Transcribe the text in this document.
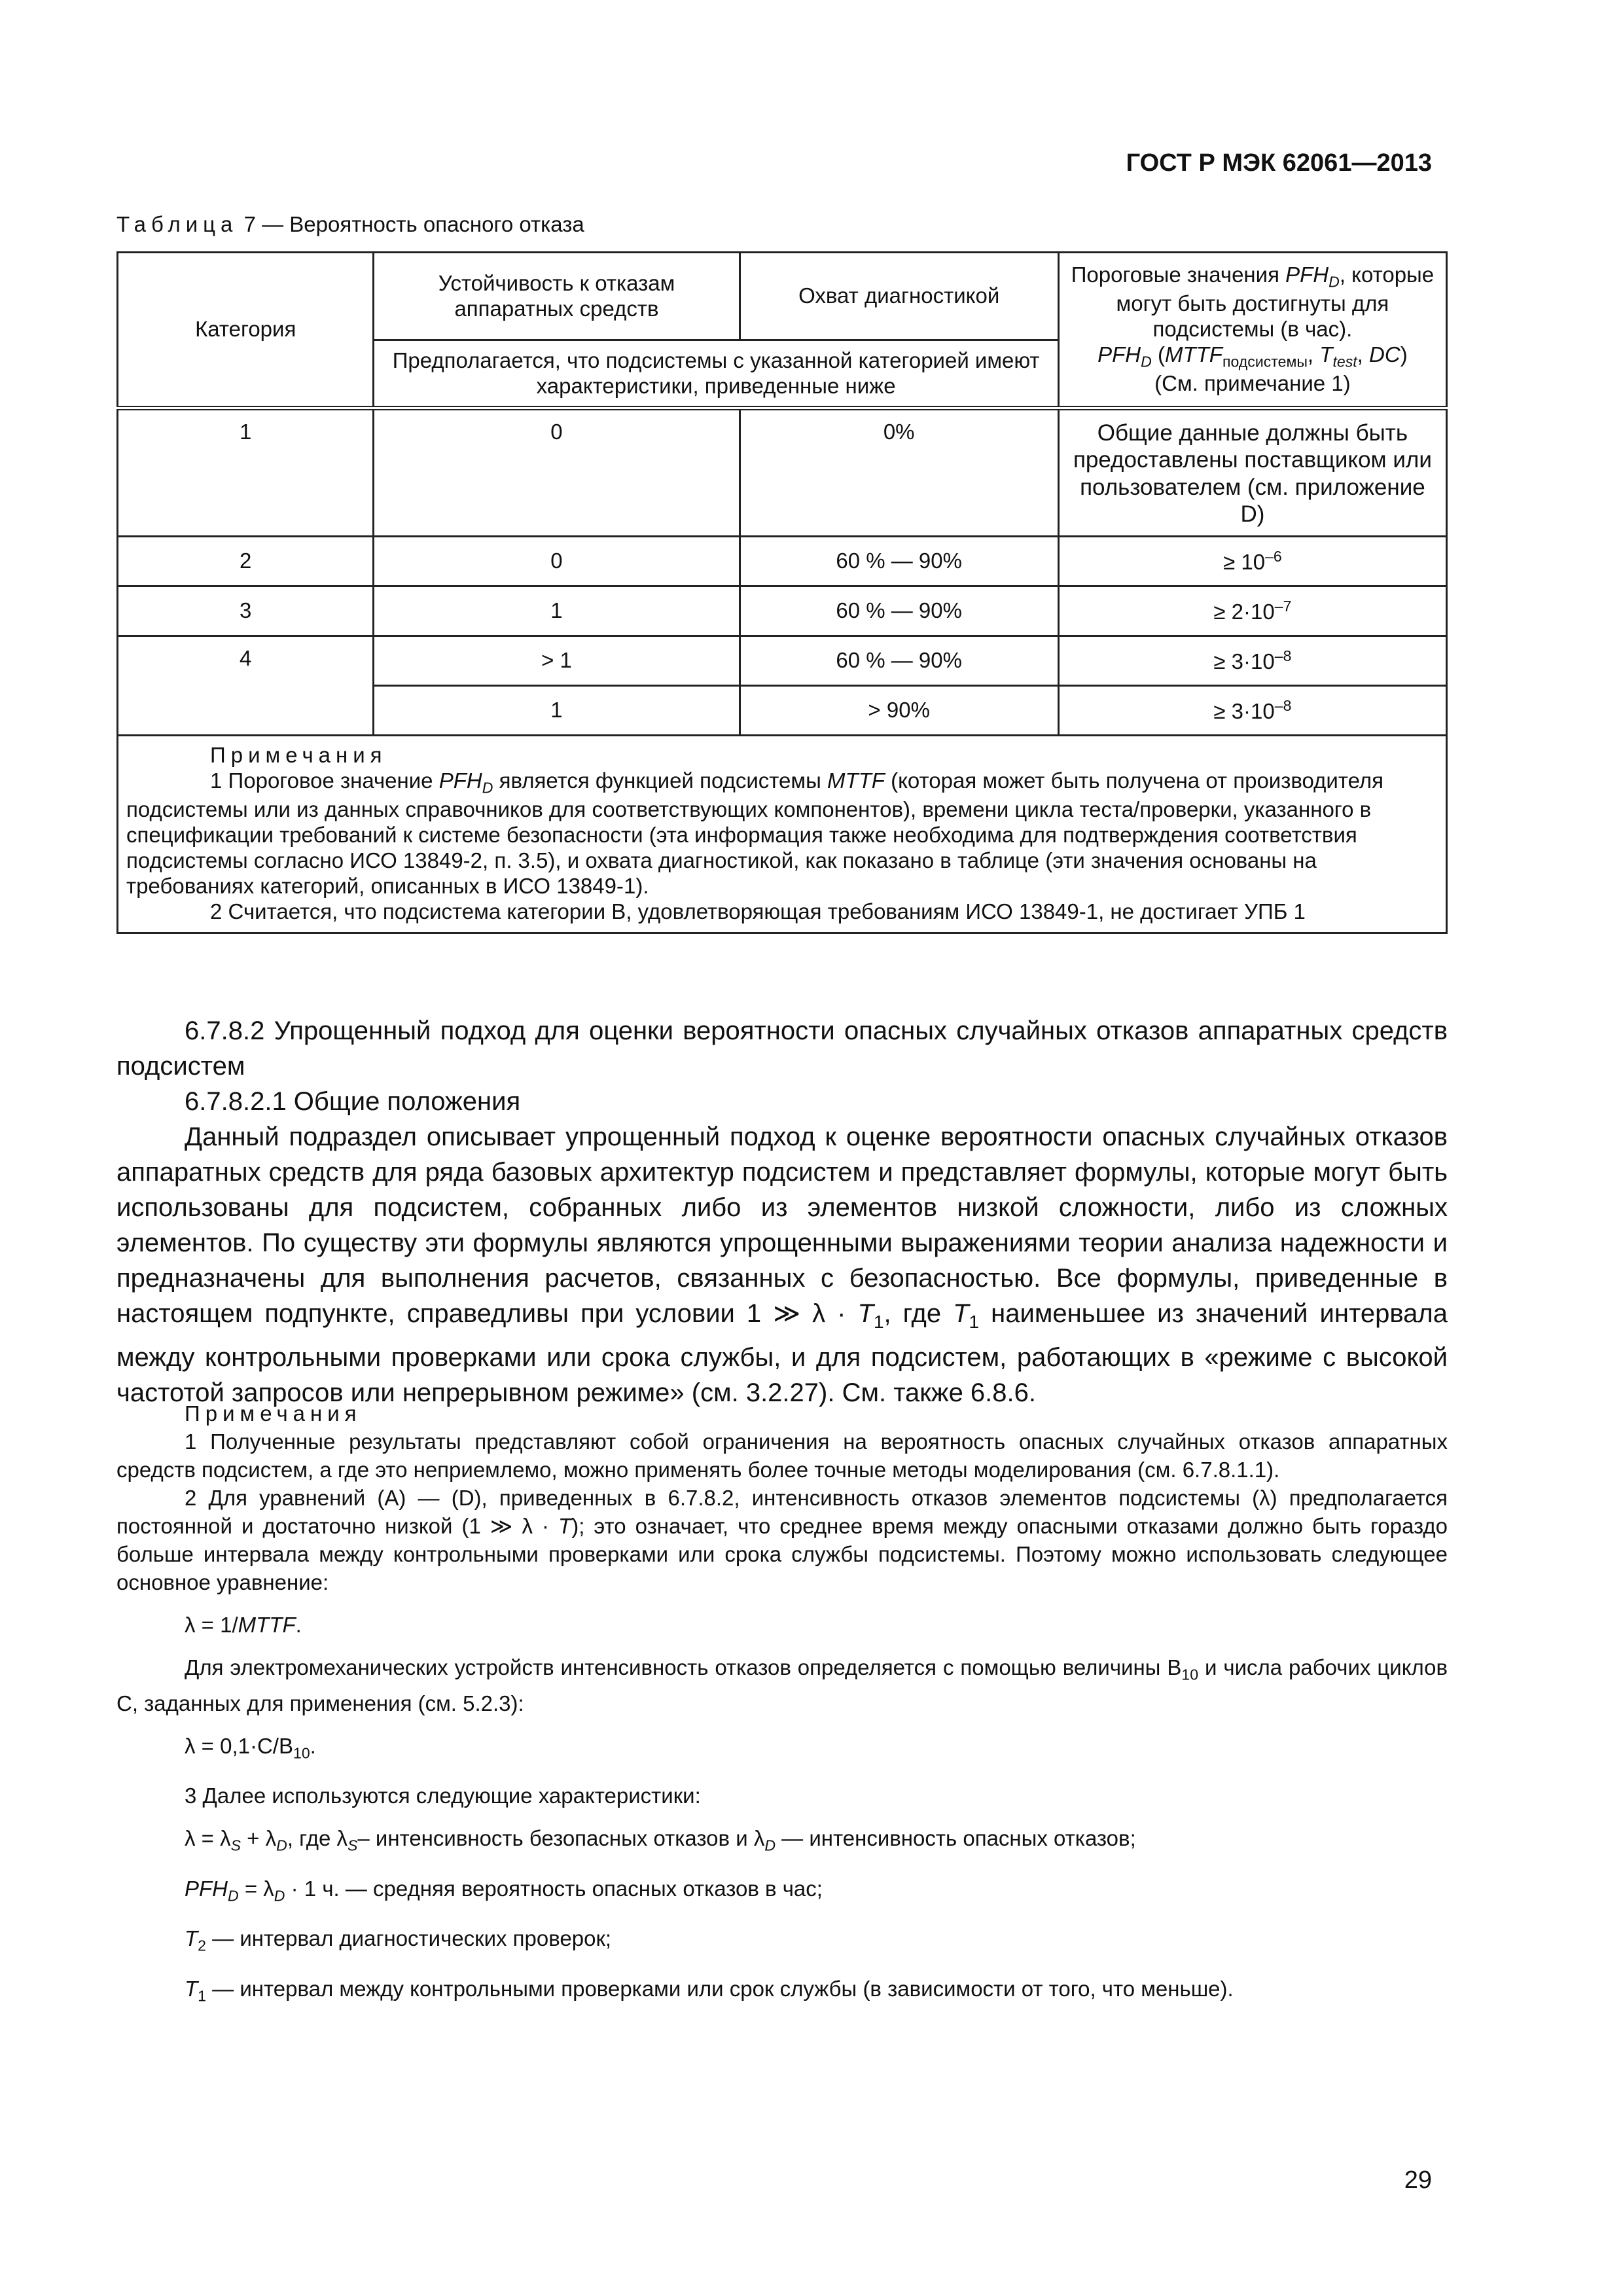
ГОСТ Р МЭК 62061—2013
Таблица 7 — Вероятность опасного отказа
Категория	Устойчивость к отказам аппаратных средств	Охват диагностикой	Пороговые значения $PFH_D$, которые могут быть достигнуты для подсистемы (в час).
$PFH_D$ ($MTTF_{подсистемы}$, $T_{test}$, DC)
(См. примечание 1)
	Предполагается, что подсистемы с указанной категорией имеют характеристики, приведенные ниже		
1	0	0%	Общие данные должны быть предоставлены поставщиком или пользователем (см. приложение D)
2	0	60 % — 90%	≥ $10^{-6}$
3	1	60 % — 90%	≥ $2\cdot 10^{-7}$
4	> 1	60 % — 90%	≥ $3\cdot 10^{-8}$
	1	> 90%	≥ $3\cdot 10^{-8}$

Примечания
1 Пороговое значение $PFH_D$ является функцией подсистемы MTTF (которая может быть получена от производителя подсистемы или из данных справочников для соответствующих компонентов), времени цикла теста/проверки, указанного в спецификации требований к системе безопасности (эта информация также необходима для подтверждения соответствия подсистемы согласно ИСО 13849-2, п. 3.5), и охвата диагностикой, как показано в таблице (эти значения основаны на требованиях категорий, описанных в ИСО 13849-1).
2 Считается, что подсистема категории В, удовлетворяющая требованиям ИСО 13849-1, не достигает УПБ 1			
6.7.8.2 Упрощенный подход для оценки вероятности опасных случайных отказов аппаратных средств подсистем
6.7.8.2.1 Общие положения
Данный подраздел описывает упрощенный подход к оценке вероятности опасных случайных отказов аппаратных средств для ряда базовых архитектур подсистем и представляет формулы, которые могут быть использованы для подсистем, собранных либо из элементов низкой сложности, либо из сложных элементов. По существу эти формулы являются упрощенными выражениями теории анализа надежности и предназначены для выполнения расчетов, связанных с безопасностью. Все формулы, приведенные в настоящем подпункте, справедливы при условии 1 ≫ $\lambda \cdot T_1$, где $T_1$ наименьшее из значений интервала между контрольными проверками или срока службы, и для подсистем, работающих в «режиме с высокой частотой запросов или непрерывном режиме» (см. 3.2.27). См. также 6.8.6.
Примечания
1 Полученные результаты представляют собой ограничения на вероятность опасных случайных отказов аппаратных средств подсистем, а где это неприемлемо, можно применять более точные методы моделирования (см. 6.7.8.1.1).
2 Для уравнений (A) — (D), приведенных в 6.7.8.2, интенсивность отказов элементов подсистемы (λ) предполагается постоянной и достаточно низкой (1 ≫ λ · T); это означает, что среднее время между опасными отказами должно быть гораздо больше интервала между контрольными проверками или срока службы подсистемы. Поэтому можно использовать следующее основное уравнение:
λ = 1/MTTF.
Для электромеханических устройств интенсивность отказов определяется с помощью величины $B_{10}$ и числа рабочих циклов C, заданных для применения (см. 5.2.3):
$\lambda = 0,1\cdot C/B_{10}$.
3 Далее используются следующие характеристики:
$\lambda = \lambda_S + \lambda_D$, где $\lambda_S-$ интенсивность безопасных отказов и $\lambda_D$ — интенсивность опасных отказов;
$PFH_D = \lambda_D \cdot 1$ ч. — средняя вероятность опасных отказов в час;
$T_2$ — интервал диагностических проверок;
$T_1$ — интервал между контрольными проверками или срок службы (в зависимости от того, что меньше).
29
